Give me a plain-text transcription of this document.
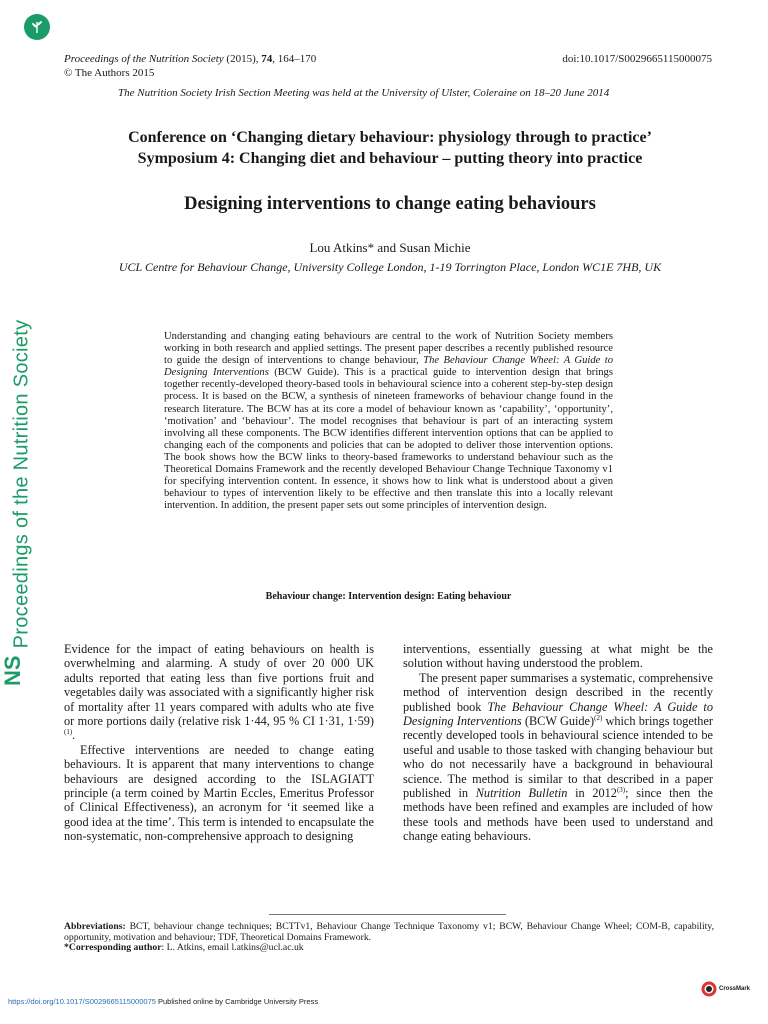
Proceedings of the Nutrition Society
NS
Proceedings of the Nutrition Society (2015), 74, 164–170
© The Authors 2015
doi:10.1017/S0029665115000075
The Nutrition Society Irish Section Meeting was held at the University of Ulster, Coleraine on 18–20 June 2014
Conference on ‘Changing dietary behaviour: physiology through to practice’
Symposium 4: Changing diet and behaviour – putting theory into practice
Designing interventions to change eating behaviours
Lou Atkins* and Susan Michie
UCL Centre for Behaviour Change, University College London, 1-19 Torrington Place, London WC1E 7HB, UK
Understanding and changing eating behaviours are central to the work of Nutrition Society members working in both research and applied settings. The present paper describes a recently published resource to guide the design of interventions to change behaviour, The Behaviour Change Wheel: A Guide to Designing Interventions (BCW Guide). This is a practical guide to intervention design that brings together recently-developed theory-based tools in behavioural science into a coherent step-by-step design process. It is based on the BCW, a synthesis of nineteen frameworks of behaviour change found in the research literature. The BCW has at its core a model of behaviour known as ‘capability’, ‘opportunity’, ‘motivation’ and ‘behaviour’. The model recognises that behaviour is part of an interacting system involving all these components. The BCW identifies different intervention options that can be applied to changing each of the components and policies that can be adopted to deliver those intervention options. The book shows how the BCW links to theory-based frameworks to understand behaviour such as the Theoretical Domains Framework and the recently developed Behaviour Change Technique Taxonomy v1 for specifying intervention content. In essence, it shows how to link what is understood about a given behaviour to types of intervention likely to be effective and then translate this into a locally relevant intervention. In addition, the present paper sets out some principles of intervention design.
Behaviour change: Intervention design: Eating behaviour

Evidence for the impact of eating behaviours on health is overwhelming and alarming. A study of over 20 000 UK adults reported that eating less than five portions fruit and vegetables daily was associated with a significantly higher risk of mortality after 11 years compared with adults who ate five or more portions daily (relative risk 1·44, 95 % CI 1·31, 1·59)$^{(1)}$.

Effective interventions are needed to change eating behaviours. It is apparent that many interventions to change behaviours are designed according to the ISLAGIATT principle (a term coined by Martin Eccles, Emeritus Professor of Clinical Effectiveness), an acronym for ‘it seemed like a good idea at the time’. This term is intended to encapsulate the non-systematic, non-comprehensive approach to designing

interventions, essentially guessing at what might be the solution without having understood the problem.

The present paper summarises a systematic, comprehensive method of intervention design described in the recently published book The Behaviour Change Wheel: A Guide to Designing Interventions (BCW Guide)$^{(2)}$ which brings together recently developed tools in behavioural science intended to be useful and usable to those tasked with changing behaviour but who do not necessarily have a background in behavioural science. The method is similar to that described in a paper published in Nutrition Bulletin in 2012$^{(3)}$; since then the methods have been refined and examples are included of how these tools and methods have been used to understand and change eating behaviours.

Abbreviations: BCT, behaviour change techniques; BCTTv1, Behaviour Change Technique Taxonomy v1; BCW, Behaviour Change Wheel; COM-B, capability, opportunity, motivation and behaviour; TDF, Theoretical Domains Framework.
*Corresponding author: L. Atkins, email l.atkins@ucl.ac.uk
https://doi.org/10.1017/S0029665115000075 Published online by Cambridge University Press
CrossMark
